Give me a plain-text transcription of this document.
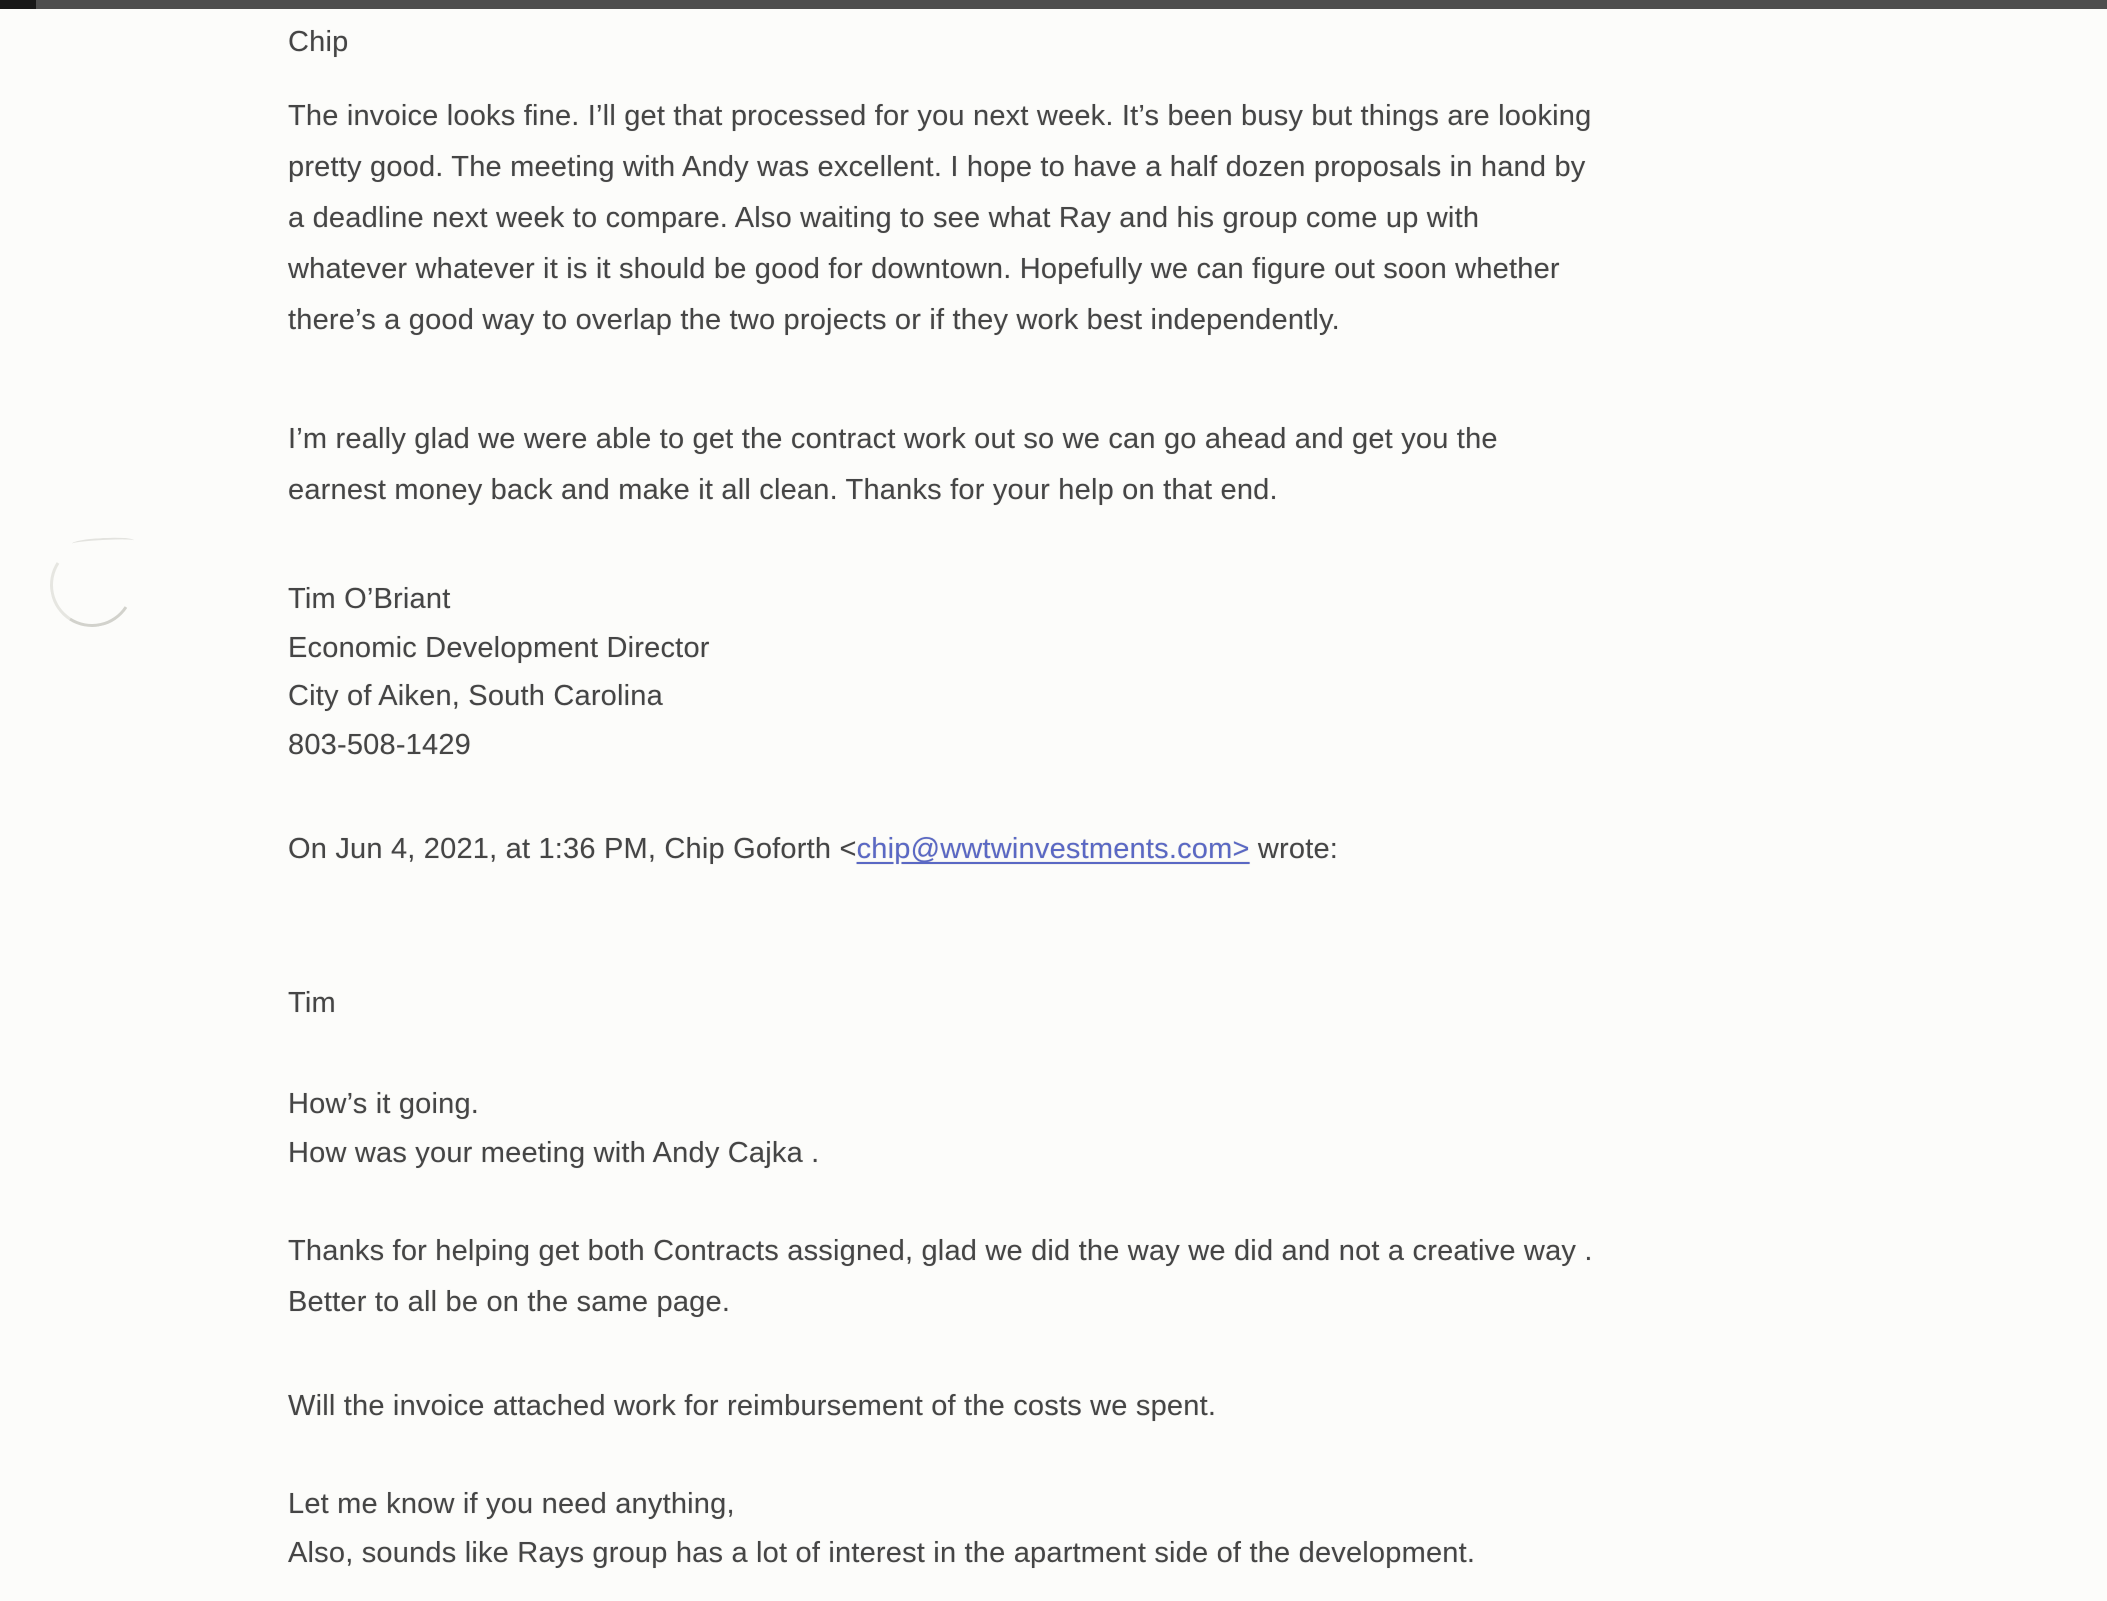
Chip
The invoice looks fine. I’ll get that processed for you next week. It’s been busy but things are looking
pretty good. The meeting with Andy was excellent. I hope to have a half dozen proposals in hand by
a deadline next week to compare. Also waiting to see what Ray and his group come up with
whatever whatever it is it should be good for downtown. Hopefully we can figure out soon whether
there’s a good way to overlap the two projects or if they work best independently.
I’m really glad we were able to get the contract work out so we can go ahead and get you the
earnest money back and make it all clean. Thanks for your help on that end.
Tim O’Briant
Economic Development Director
City of Aiken, South Carolina
803-508-1429
On Jun 4, 2021, at 1:36 PM, Chip Goforth <chip@wwtwinvestments.com> wrote:
Tim
How’s it going.
How was your meeting with Andy Cajka .
Thanks for helping get both Contracts assigned, glad we did the way we did and not a creative way .
Better to all be on the same page.
Will the invoice attached work for reimbursement of the costs we spent.
Let me know if you need anything,
Also, sounds like Rays group has a lot of interest in the apartment side of the development.
